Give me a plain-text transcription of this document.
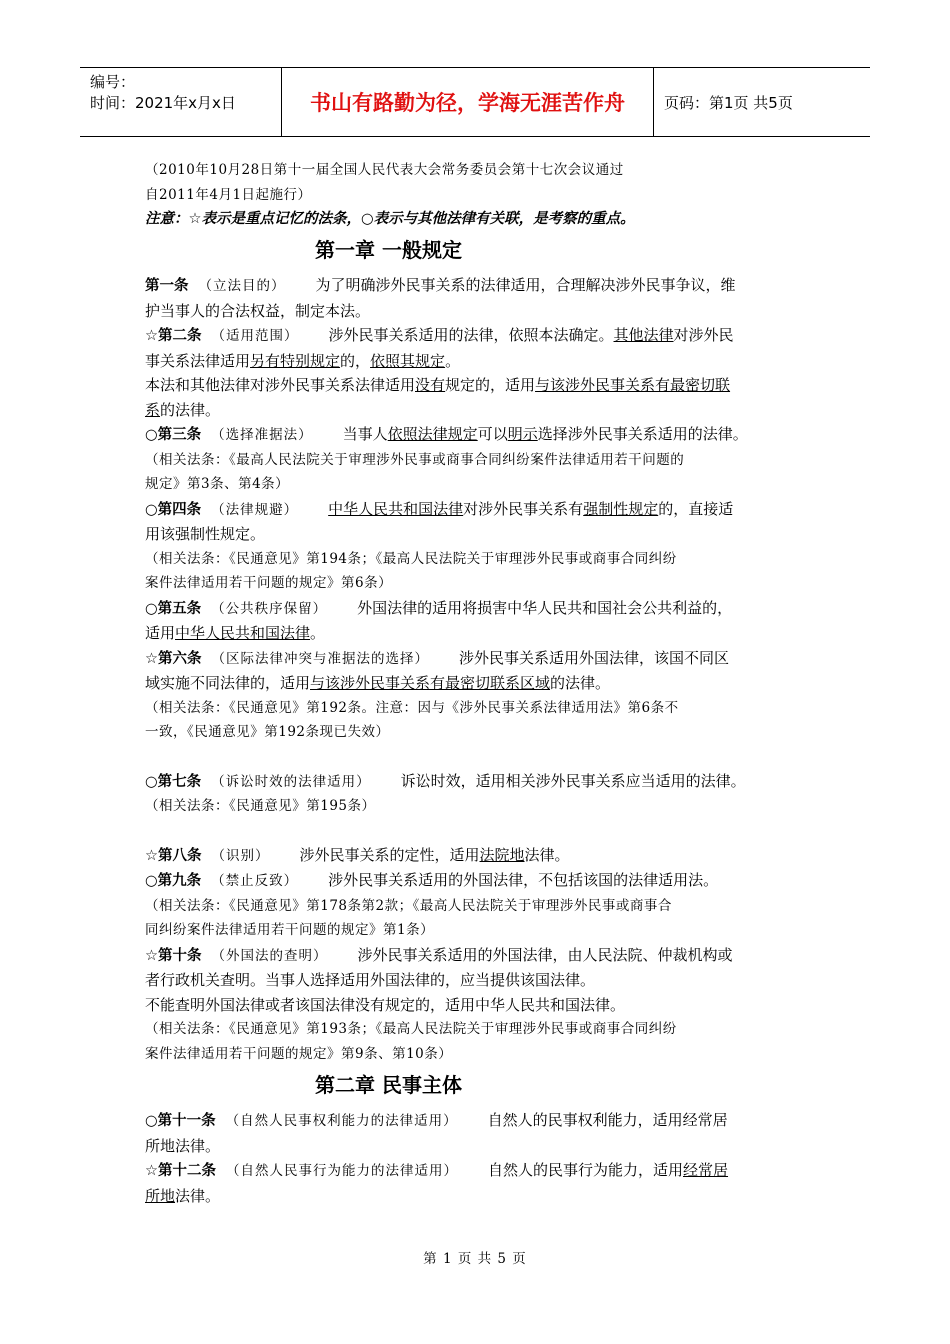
编号：
时间：2021年x月x日	书山有路勤为径，学海无涯苦作舟	页码：第1页 共5页
（2010年10月28日第十一届全国人民代表大会常务委员会第十七次会议通过
自2011年4月1日起施行）
注意：☆表示是重点记忆的法条，○表示与其他法律有关联，是考察的重点。
第一章 一般规定
第一条 （立法目的） 为了明确涉外民事关系的法律适用，合理解决涉外民事争议，维
护当事人的合法权益，制定本法。
☆第二条 （适用范围） 涉外民事关系适用的法律，依照本法确定。其他法律对涉外民
事关系法律适用另有特别规定的，依照其规定。
本法和其他法律对涉外民事关系法律适用没有规定的，适用与该涉外民事关系有最密切联
系的法律。
○第三条 （选择准据法） 当事人依照法律规定可以明示选择涉外民事关系适用的法律。
（相关法条：《最高人民法院关于审理涉外民事或商事合同纠纷案件法律适用若干问题的
规定》第3条、第4条）
○第四条 （法律规避） 中华人民共和国法律对涉外民事关系有强制性规定的，直接适
用该强制性规定。
（相关法条：《民通意见》第194条；《最高人民法院关于审理涉外民事或商事合同纠纷
案件法律适用若干问题的规定》第6条）
○第五条 （公共秩序保留） 外国法律的适用将损害中华人民共和国社会公共利益的，
适用中华人民共和国法律。
☆第六条 （区际法律冲突与准据法的选择） 涉外民事关系适用外国法律，该国不同区
域实施不同法律的，适用与该涉外民事关系有最密切联系区域的法律。
（相关法条：《民通意见》第192条。注意：因与《涉外民事关系法律适用法》第6条不
一致，《民通意见》第192条现已失效）
○第七条 （诉讼时效的法律适用） 诉讼时效，适用相关涉外民事关系应当适用的法律。
（相关法条：《民通意见》第195条）
☆第八条 （识别） 涉外民事关系的定性，适用法院地法律。
○第九条 （禁止反致） 涉外民事关系适用的外国法律，不包括该国的法律适用法。
（相关法条：《民通意见》第178条第2款；《最高人民法院关于审理涉外民事或商事合
同纠纷案件法律适用若干问题的规定》第1条）
☆第十条 （外国法的查明） 涉外民事关系适用的外国法律，由人民法院、仲裁机构或
者行政机关查明。当事人选择适用外国法律的，应当提供该国法律。
不能查明外国法律或者该国法律没有规定的，适用中华人民共和国法律。
（相关法条：《民通意见》第193条；《最高人民法院关于审理涉外民事或商事合同纠纷
案件法律适用若干问题的规定》第9条、第10条）
第二章 民事主体
○第十一条 （自然人民事权利能力的法律适用） 自然人的民事权利能力，适用经常居
所地法律。
☆第十二条 （自然人民事行为能力的法律适用） 自然人的民事行为能力，适用经常居
所地法律。
第 1 页 共 5 页
